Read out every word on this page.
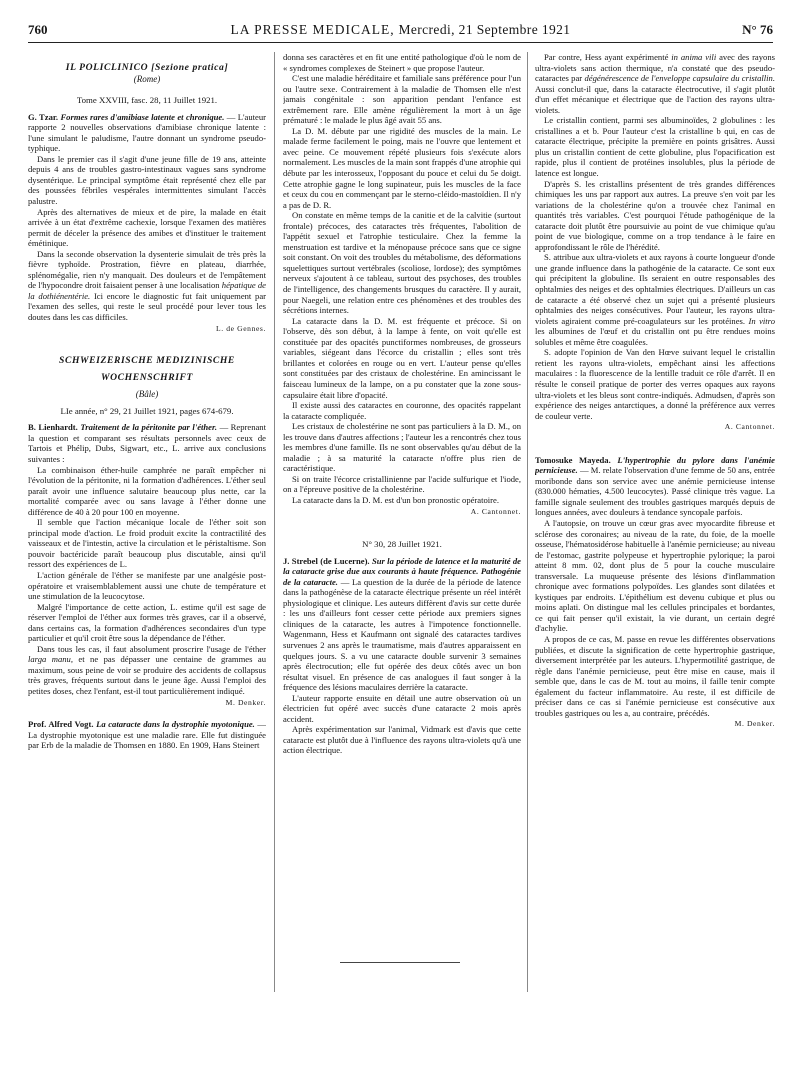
760	LA PRESSE MEDICALE, Mercredi, 21 Septembre 1921	N° 76

IL POLICLINICO [Sezione pratica]

(Rome)

Tome XXVIII, fasc. 28, 11 Juillet 1921.

G. Tzar. Formes rares d'amibiase latente et chronique. — L'auteur rapporte 2 nouvelles observations d'amibiase chronique latente : l'une simulant le paludisme, l'autre donnant un syndrome pseudo-typhique.

Dans le premier cas il s'agit d'une jeune fille de 19 ans, atteinte depuis 4 ans de troubles gastro-intestinaux vagues sans syndrome dysentérique. Le principal symptôme était représenté chez elle par des poussées fébriles vespérales intermittentes simulant l'accès palustre.

Après des alternatives de mieux et de pire, la malade en était arrivée à un état d'extrême cachexie, lorsque l'examen des matières permit de déceler la présence des amibes et d'instituer le traitement émétinique.

Dans la seconde observation la dysenterie simulait de très près la fièvre typhoïde. Prostration, fièvre en plateau, diarrhée, splénomégalie, rien n'y manquait. Des douleurs et de l'empâtement de l'hypocondre droit faisaient penser à une localisation hépatique de la dothiénentérie. Ici encore le diagnostic fut fait uniquement par l'examen des selles, qui reste le seul procédé pour lever tous les doutes dans les cas difficiles.

L. de Gennes.

SCHWEIZERISCHE MEDIZINISCHE

WOCHENSCHRIFT

(Bâle)

LIe année, n° 29, 21 Juillet 1921, pages 674-679.

B. Lienhardt. Traitement de la péritonite par l'éther. — Reprenant la question et comparant ses résultats personnels avec ceux de Tartois et Phélip, Dubs, Sigwart, etc., L. arrive aux conclusions suivantes :

La combinaison éther-huile camphrée ne paraît empêcher ni l'évolution de la péritonite, ni la formation d'adhérences. L'éther seul paraît avoir une influence salutaire beaucoup plus nette, car la mortalité comparée avec ou sans lavage à l'éther donne une différence de 40 à 20 pour 100 en moyenne.

Il semble que l'action mécanique locale de l'éther soit son principal mode d'action. Le froid produit excite la contractilité des vaisseaux et de l'intestin, active la circulation et le péristaltisme. Son pouvoir bactéricide paraît beaucoup plus discutable, ainsi qu'il ressort des expériences de L.

L'action générale de l'éther se manifeste par une analgésie post-opératoire et vraisemblablement aussi une chute de température et une stimulation de la leucocytose.

Malgré l'importance de cette action, L. estime qu'il est sage de réserver l'emploi de l'éther aux formes très graves, car il a observé, dans certains cas, la formation d'adhérences secondaires d'un type particulier et qu'il croit être sous la dépendance de l'éther.

Dans tous les cas, il faut absolument proscrire l'usage de l'éther larga manu, et ne pas dépasser une centaine de grammes au maximum, sous peine de voir se produire des accidents de collapsus très graves, fréquents surtout dans le jeune âge. Aussi l'emploi des petites doses, chez l'enfant, est-il tout particulièrement indiqué.

M. Denker.

Prof. Alfred Vogt. La cataracte dans la dystrophie myotonique. — La dystrophie myotonique est une maladie rare. Elle fut distinguée par Erb de la maladie de Thomsen en 1880. En 1909, Hans Steinert

donna ses caractères et en fit une entité pathologique d'où le nom de « syndromes complexes de Steinert » que propose l'auteur.

C'est une maladie héréditaire et familiale sans préférence pour l'un ou l'autre sexe. Contrairement à la maladie de Thomsen elle n'est jamais congénitale : son apparition pendant l'enfance est extrêmement rare. Elle amène régulièrement la mort à un âge prématuré : le malade le plus âgé avait 55 ans.

La D. M. débute par une rigidité des muscles de la main. Le malade ferme facilement le poing, mais ne l'ouvre que lentement et avec peine. Ce mouvement répété plusieurs fois s'exécute alors normalement. Les muscles de la main sont frappés d'une atrophie qui débute par les interosseux, l'opposant du pouce et celui du 5e doigt. Cette atrophie gagne le long supinateur, puis les muscles de la face et ceux du cou en commençant par le sterno-cléido-mastoïdien. Il n'y a pas de D. R.

On constate en même temps de la canitie et de la calvitie (surtout frontale) précoces, des cataractes très fréquentes, l'abolition de l'appétit sexuel et l'atrophie testiculaire. Chez la femme la menstruation est tardive et la ménopause précoce sans que ce signe soit constant. On voit des troubles du métabolisme, des déformations squelettiques surtout vertébrales (scoliose, lordose); des symptômes nerveux s'ajoutent à ce tableau, surtout des psychoses, des troubles de l'intelligence, des changements brusques du caractère. Il y aurait, pour Naegeli, une relation entre ces phénomènes et des troubles des sécrétions internes.

La cataracte dans la D. M. est fréquente et précoce. Si on l'observe, dès son début, à la lampe à fente, on voit qu'elle est constituée par des opacités punctiformes nombreuses, de grosseurs variables, siégeant dans l'écorce du cristallin ; elles sont très brillantes et colorées en rouge ou en vert. L'auteur pense qu'elles sont constituées par des cristaux de cholestérine. En amincissant le faisceau lumineux de la lampe, on a pu constater que la zone sous-capsulaire était libre d'opacité.

Il existe aussi des cataractes en couronne, des opacités rappelant la cataracte compliquée.

Les cristaux de cholestérine ne sont pas particuliers à la D. M., on les trouve dans d'autres affections ; l'auteur les a rencontrés chez tous les membres d'une famille. Ils ne sont observables qu'au début de la maladie ; à sa maturité la cataracte n'offre plus rien de caractéristique.

Si on traite l'écorce cristallinienne par l'acide sulfurique et l'iode, on a l'épreuve positive de la cholestérine.

La cataracte dans la D. M. est d'un bon pronostic opératoire.

A. Cantonnet.

N° 30, 28 Juillet 1921.

J. Strebel (de Lucerne). Sur la période de latence et la maturité de la cataracte grise due aux courants à haute fréquence. Pathogénie de la cataracte. — La question de la durée de la période de latence dans la pathogénèse de la cataracte électrique présente un réel intérêt physiologique et clinique. Les auteurs diffèrent d'avis sur cette durée : les uns d'ailleurs font cesser cette période aux premiers signes cliniques de la cataracte, les autres à l'impotence fonctionnelle. Wagenmann, Hess et Kaufmann ont signalé des cataractes tardives survenues 2 ans après le traumatisme, mais d'autres apparaissent en quelques jours. S. a vu une cataracte double survenir 3 semaines après électrocution; elle fut opérée des deux côtés avec un bon résultat visuel. En présence de cas analogues il faut songer à la fréquence des lésions maculaires derrière la cataracte.

L'auteur rapporte ensuite en détail une autre observation où un électricien fut opéré avec succès d'une cataracte 2 mois après accident.

Après expérimentation sur l'animal, Vidmark est d'avis que cette cataracte est plutôt due à l'influence des rayons ultra-violets qu'à une action électrique.

Par contre, Hess ayant expérimenté in anima vili avec des rayons ultra-violets sans action thermique, n'a constaté que des pseudo-cataractes par dégénérescence de l'enveloppe capsulaire du cristallin. Aussi conclut-il que, dans la cataracte électrocutive, il s'agit plutôt d'un effet mécanique et électrique que de l'action des rayons ultra-violets.

Le cristallin contient, parmi ses albuminoïdes, 2 globulines : les cristallines a et b. Pour l'auteur c'est la cristalline b qui, en cas de cataracte électrique, précipite la première en points grisâtres. Aussi plus un cristallin contient de cette globuline, plus l'opacification est rapide, plus il contient de protéines insolubles, plus la période de latence est longue.

D'après S. les cristallins présentent de très grandes différences chimiques les uns par rapport aux autres. La preuve s'en voit par les variations de la cholestérine qu'on a trouvée chez l'animal en quantités très variables. C'est pourquoi l'étude pathogénique de la cataracte doit plutôt être poursuivie au point de vue chimique qu'au point de vue biologique, comme on a trop tendance à le faire en approfondissant le rôle de l'hérédité.

S. attribue aux ultra-violets et aux rayons à courte longueur d'onde une grande influence dans la pathogénie de la cataracte. Ce sont eux qui précipitent la globuline. Ils seraient en outre responsables des ophtalmies des neiges et des ophtalmies électriques. D'ailleurs un cas de cataracte a été observé chez un sujet qui a présenté plusieurs ophtalmies des neiges consécutives. Pour l'auteur, les rayons ultra-violets agiraient comme pré-coagulateurs sur les protéines. In vitro les albumines de l'œuf et du cristallin ont pu être rendues moins solubles et même être coagulées.

S. adopte l'opinion de Van den Hœve suivant lequel le cristallin retient les rayons ultra-violets, empêchant ainsi les affections maculaires : la fluorescence de la lentille traduit ce rôle d'arrêt. Il en résulte le conseil pratique de porter des verres opaques aux rayons ultra-violets et les bleus sont contre-indiqués. Admudsen, d'après son expérience des neiges antarctiques, a donné la préférence aux verres de couleur verte.

A. Cantonnet.

Tomosuke Mayeda. L'hypertrophie du pylore dans l'anémie pernicieuse. — M. relate l'observation d'une femme de 50 ans, entrée moribonde dans son service avec une anémie pernicieuse intense (830.000 hématies, 4.500 leucocytes). Passé clinique très vague. La famille signale seulement des troubles gastriques marqués depuis de longues années, avec douleurs à tendance syncopale parfois.

A l'autopsie, on trouve un cœur gras avec myocardite fibreuse et sclérose des coronaires; au niveau de la rate, du foie, de la moelle osseuse, l'hématosidérose habituelle à l'anémie pernicieuse; au niveau de l'estomac, gastrite polypeuse et hypertrophie pylorique; la paroi atteint 8 mm. 02, dont plus de 5 pour la couche musculaire transversale. La muqueuse présente des lésions d'inflammation chronique avec formations polypoïdes. Les glandes sont dilatées et kystiques par endroits. L'épithélium est devenu cubique et plus ou moins aplati. On distingue mal les cellules principales et bordantes, ce qui fait penser qu'il existait, la vie durant, un certain degré d'achylie.

A propos de ce cas, M. passe en revue les différentes observations publiées, et discute la signification de cette hypertrophie gastrique, diversement interprétée par les auteurs. L'hypermotilité gastrique, de règle dans l'anémie pernicieuse, peut être mise en cause, mais il semble que, dans le cas de M. tout au moins, il faille tenir compte également du facteur inflammatoire. Au reste, il est difficile de préciser dans ce cas si l'anémie pernicieuse est consécutive aux troubles gastriques ou les a, au contraire, précédés.

M. Denker.
